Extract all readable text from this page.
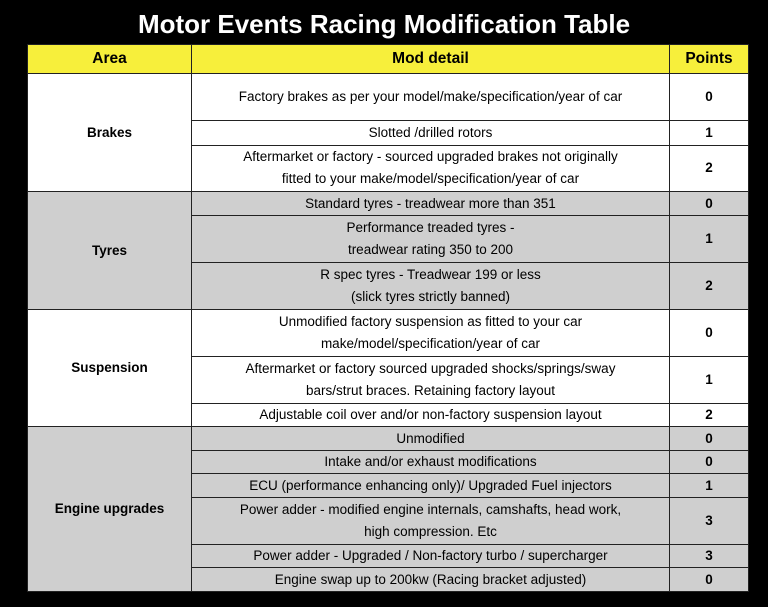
Motor Events Racing Modification Table
Area	Mod detail	Points
Brakes	Factory brakes as per your model/make/specification/year of car	0

	Slotted /drilled rotors	1

	Aftermarket or factory - sourced upgraded brakes not originally
fitted to your make/model/specification/year of car	2
Tyres	Standard tyres - treadwear more than 351	0

	Performance treaded tyres -
treadwear rating 350 to 200	1

	R spec tyres - Treadwear 199 or less
(slick tyres strictly banned)	2
Suspension	Unmodified factory suspension as fitted to your car
make/model/specification/year of car	0

	Aftermarket or factory sourced upgraded shocks/springs/sway
bars/strut braces. Retaining factory layout	1

	Adjustable coil over and/or non-factory suspension layout	2
Engine upgrades	Unmodified	0

	Intake and/or exhaust modifications	0

	ECU (performance enhancing only)/ Upgraded Fuel injectors	1

	Power adder - modified engine internals, camshafts, head work,
high compression. Etc	3

	Power adder - Upgraded / Non-factory turbo / supercharger	3

	Engine swap up to 200kw (Racing bracket adjusted)	0
